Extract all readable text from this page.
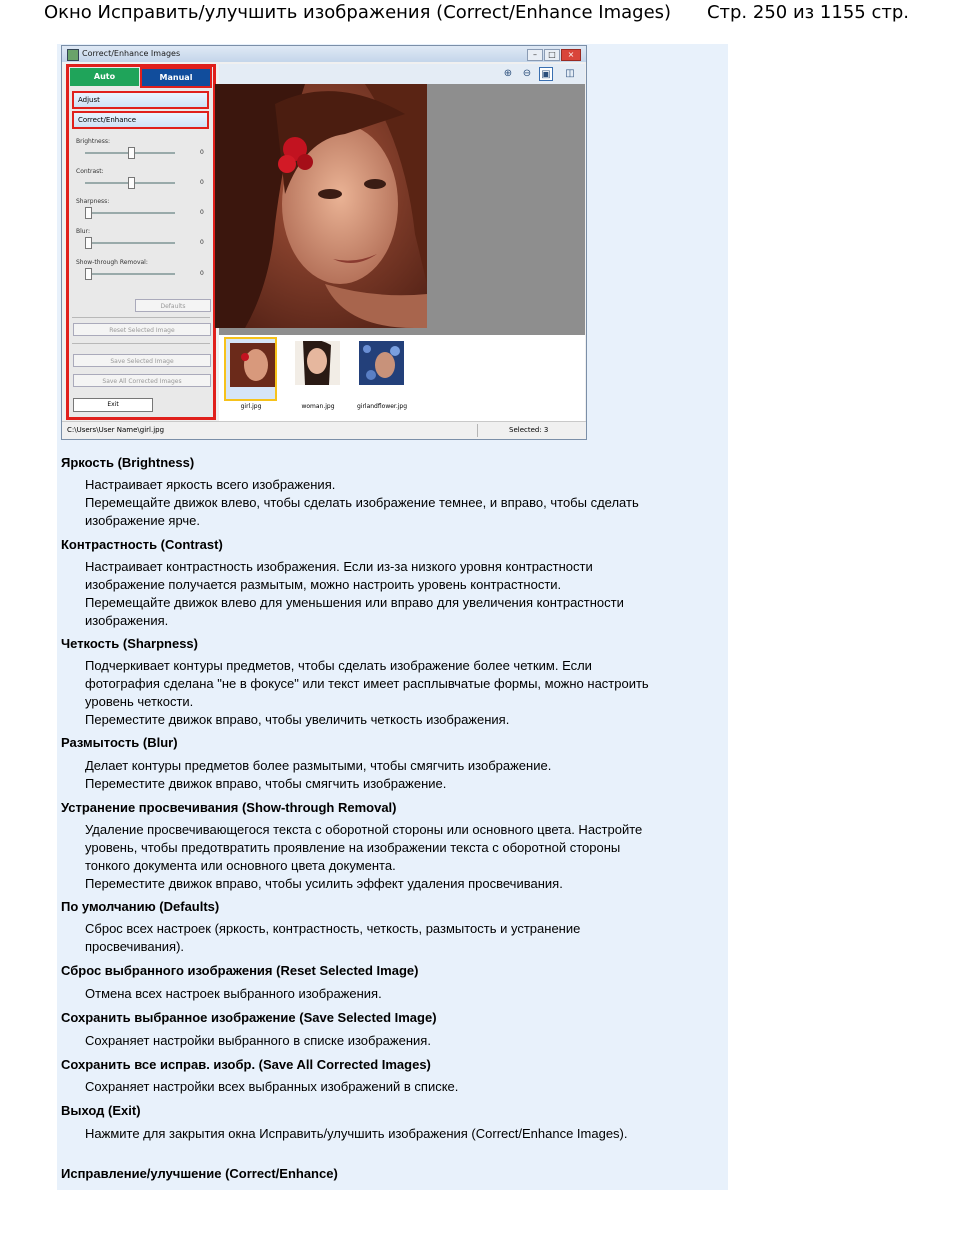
Окно Исправить/улучшить изображения (Correct/Enhance Images) Стр. 250 из 1155 стр.
Correct/Enhance Images	–	□	×
Auto	Manual
Adjust
Correct/Enhance
Brightness:
0
Contrast:
0
Sharpness:
0
Blur:
0
Show-through Removal:
0
Defaults
Reset Selected Image
Save Selected Image
Save All Corrected Images
Exit
⊕ ⊖ ▣ ◫
girl.jpg	woman.jpg	girlandflower.jpg
C:\Users\User Name\girl.jpg	Selected: 3
Яркость (Brightness)
Настраивает яркость всего изображения.
Перемещайте движок влево, чтобы сделать изображение темнее, и вправо, чтобы сделать
изображение ярче.
Контрастность (Contrast)
Настраивает контрастность изображения. Если из-за низкого уровня контрастности
изображение получается размытым, можно настроить уровень контрастности.
Перемещайте движок влево для уменьшения или вправо для увеличения контрастности
изображения.
Четкость (Sharpness)
Подчеркивает контуры предметов, чтобы сделать изображение более четким. Если
фотография сделана "не в фокусе" или текст имеет расплывчатые формы, можно настроить
уровень четкости.
Переместите движок вправо, чтобы увеличить четкость изображения.
Размытость (Blur)
Делает контуры предметов более размытыми, чтобы смягчить изображение.
Переместите движок вправо, чтобы смягчить изображение.
Устранение просвечивания (Show-through Removal)
Удаление просвечивающегося текста с оборотной стороны или основного цвета. Настройте
уровень, чтобы предотвратить проявление на изображении текста с оборотной стороны
тонкого документа или основного цвета документа.
Переместите движок вправо, чтобы усилить эффект удаления просвечивания.
По умолчанию (Defaults)
Сброс всех настроек (яркость, контрастность, четкость, размытость и устранение
просвечивания).
Сброс выбранного изображения (Reset Selected Image)
Отмена всех настроек выбранного изображения.
Сохранить выбранное изображение (Save Selected Image)
Сохраняет настройки выбранного в списке изображения.
Сохранить все исправ. изобр. (Save All Corrected Images)
Сохраняет настройки всех выбранных изображений в списке.
Выход (Exit)
Нажмите для закрытия окна Исправить/улучшить изображения (Correct/Enhance Images).
Исправление/улучшение (Correct/Enhance)
